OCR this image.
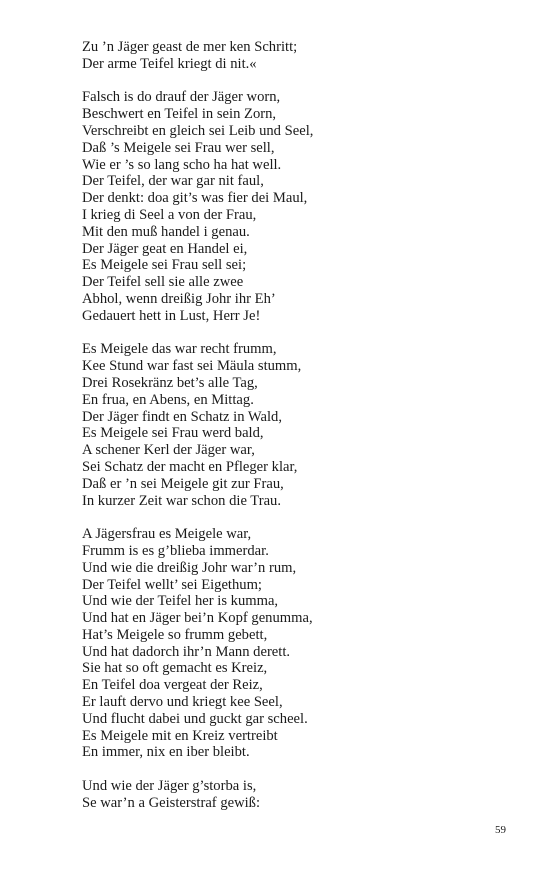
Zu ’n Jäger geast de mer ken Schritt;
Der arme Teifel kriegt di nit.«
Falsch is do drauf der Jäger worn,
Beschwert en Teifel in sein Zorn,
Verschreibt en gleich sei Leib und Seel,
Daß ’s Meigele sei Frau wer sell,
Wie er ’s so lang scho ha hat well.
Der Teifel, der war gar nit faul,
Der denkt: doa git’s was fier dei Maul,
I krieg di Seel a von der Frau,
Mit den muß handel i genau.
Der Jäger geat en Handel ei,
Es Meigele sei Frau sell sei;
Der Teifel sell sie alle zwee
Abhol, wenn dreißig Johr ihr Eh’
Gedauert hett in Lust, Herr Je!
Es Meigele das war recht frumm,
Kee Stund war fast sei Mäula stumm,
Drei Rosekränz bet’s alle Tag,
En frua, en Abens, en Mittag.
Der Jäger findt en Schatz in Wald,
Es Meigele sei Frau werd bald,
A schener Kerl der Jäger war,
Sei Schatz der macht en Pfleger klar,
Daß er ’n sei Meigele git zur Frau,
In kurzer Zeit war schon die Trau.
A Jägersfrau es Meigele war,
Frumm is es g’blieba immerdar.
Und wie die dreißig Johr war’n rum,
Der Teifel wellt’ sei Eigethum;
Und wie der Teifel her is kumma,
Und hat en Jäger bei’n Kopf genumma,
Hat’s Meigele so frumm gebett,
Und hat dadorch ihr’n Mann derett.
Sie hat so oft gemacht es Kreiz,
En Teifel doa vergeat der Reiz,
Er lauft dervo und kriegt kee Seel,
Und flucht dabei und guckt gar scheel.
Es Meigele mit en Kreiz vertreibt
En immer, nix en iber bleibt.
Und wie der Jäger g’storba is,
Se war’n a Geisterstraf gewiß:
59
